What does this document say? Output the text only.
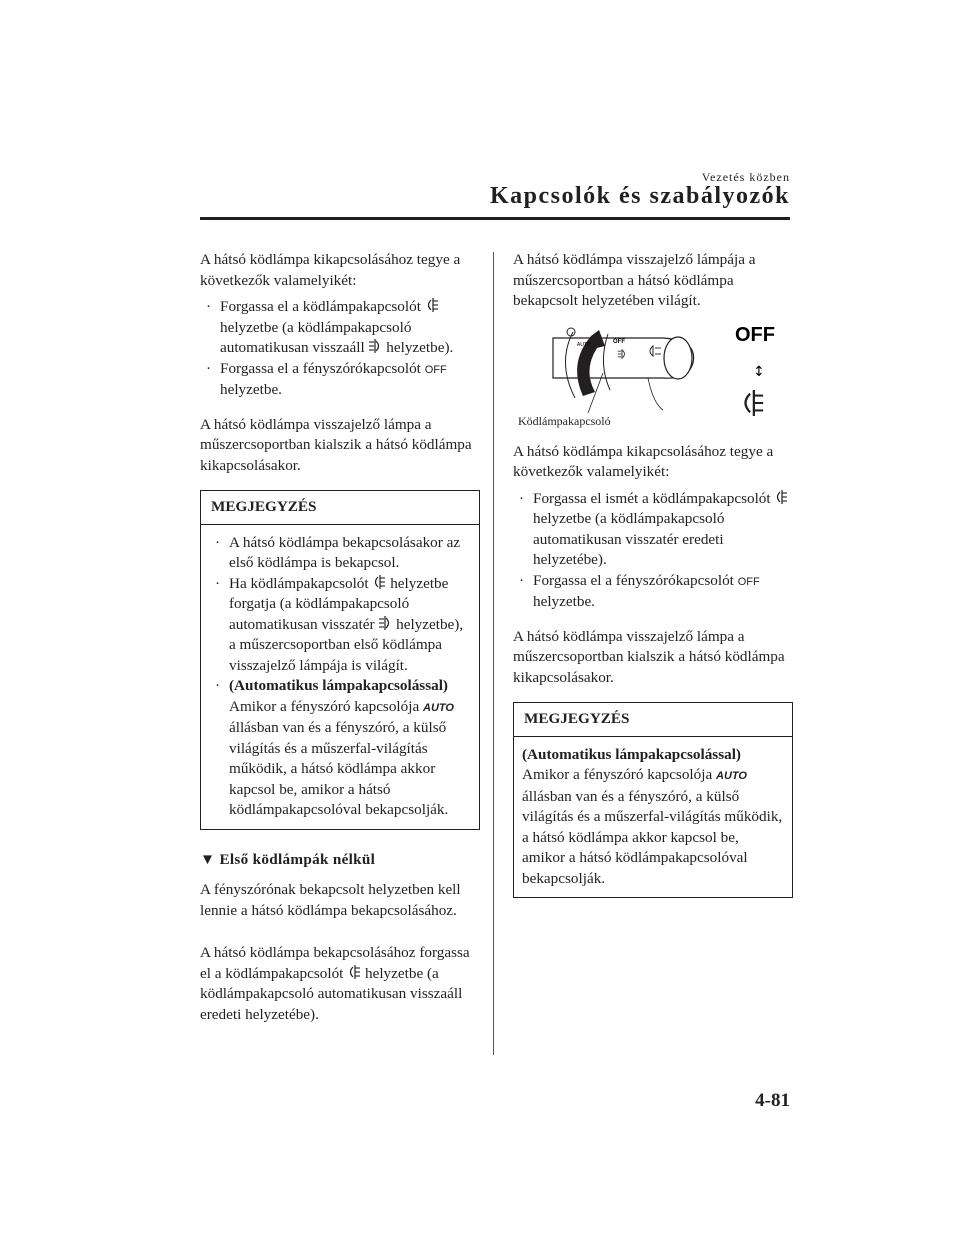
Vezetés közben
Kapcsolók és szabályozók

A hátsó ködlámpa kikapcsolásához tegye a következők valamelyikét:

· Forgassa el a ködlámpakapcsolót  helyzetbe (a ködlámpakapcsoló automatikusan visszaáll helyzetbe).
· Forgassa el a fényszórókapcsolót OFF helyzetbe.

A hátsó ködlámpa visszajelző lámpa a műszercsoportban kialszik a hátsó ködlámpa kikapcsolásakor.

MEGJEGYZÉS
· A hátsó ködlámpa bekapcsolásakor az első ködlámpa is bekapcsol.
· Ha ködlámpakapcsolót helyzetbe forgatja (a ködlámpakapcsoló automatikusan visszatér helyzetbe), a műszercsoportban első ködlámpa visszajelző lámpája is világít.
· (Automatikus lámpakapcsolással)
Amikor a fényszóró kapcsolója AUTO állásban van és a fényszóró, a külső világítás és a műszerfal-világítás működik, a hátsó ködlámpa akkor kapcsol be, amikor a hátsó ködlámpakapcsolóval bekapcsolják.

▼ Első ködlámpák nélkül

A fényszórónak bekapcsolt helyzetben kell lennie a hátsó ködlámpa bekapcsolásához.

A hátsó ködlámpa bekapcsolásához forgassa el a ködlámpakapcsolót helyzetbe (a ködlámpakapcsoló automatikusan visszaáll eredeti helyzetébe).

A hátsó ködlámpa visszajelző lámpája a műszercsoportban a hátsó ködlámpa bekapcsolt helyzetében világít.

OFF
AUTO	OFF
↕
Ködlámpakapcsoló

A hátsó ködlámpa kikapcsolásához tegye a következők valamelyikét:

· Forgassa el ismét a ködlámpakapcsolót  helyzetbe (a ködlámpakapcsoló automatikusan visszatér eredeti helyzetébe).
· Forgassa el a fényszórókapcsolót OFF helyzetbe.

A hátsó ködlámpa visszajelző lámpa a műszercsoportban kialszik a hátsó ködlámpa kikapcsolásakor.

MEGJEGYZÉS
(Automatikus lámpakapcsolással)
Amikor a fényszóró kapcsolója AUTO állásban van és a fényszóró, a külső világítás és a műszerfal-világítás működik, a hátsó ködlámpa akkor kapcsol be, amikor a hátsó ködlámpakapcsolóval bekapcsolják.
4-81
